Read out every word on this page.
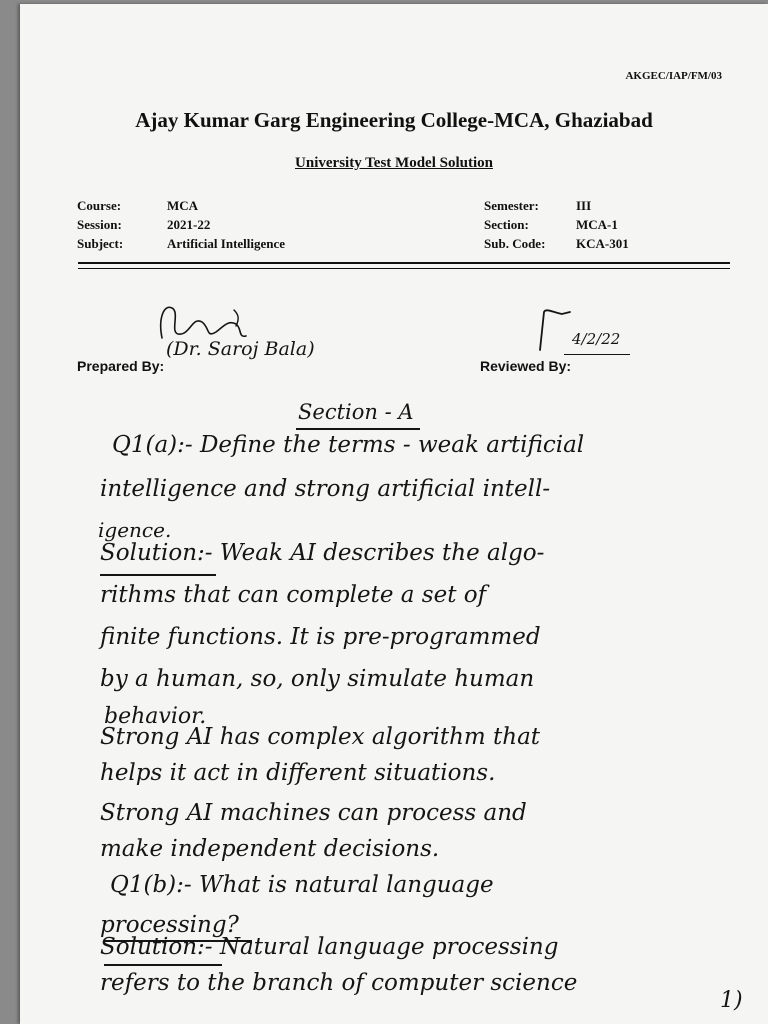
AKGEC/IAP/FM/03
Ajay Kumar Garg Engineering College-MCA, Ghaziabad
University Test Model Solution
Course:	MCA
Session:	2021-22
Subject:	Artificial Intelligence
Semester:	III
Section:	MCA-1
Sub. Code:	KCA-301
Prepared By:
(Dr. Saroj Bala)	4/2/22
Reviewed By:
Section - A
Q1(a):- Define the terms - weak artificial
intelligence and strong artificial intell-
igence.
Solution:- Weak AI describes the algo-
rithms that can complete a set of
finite functions. It is pre-programmed
by a human, so, only simulate human
behavior.
Strong AI has complex algorithm that
helps it act in different situations.
Strong AI machines can process and
make independent decisions.
Q1(b):- What is natural language
processing?
Solution:- Natural language processing
refers to the branch of computer science
1)
